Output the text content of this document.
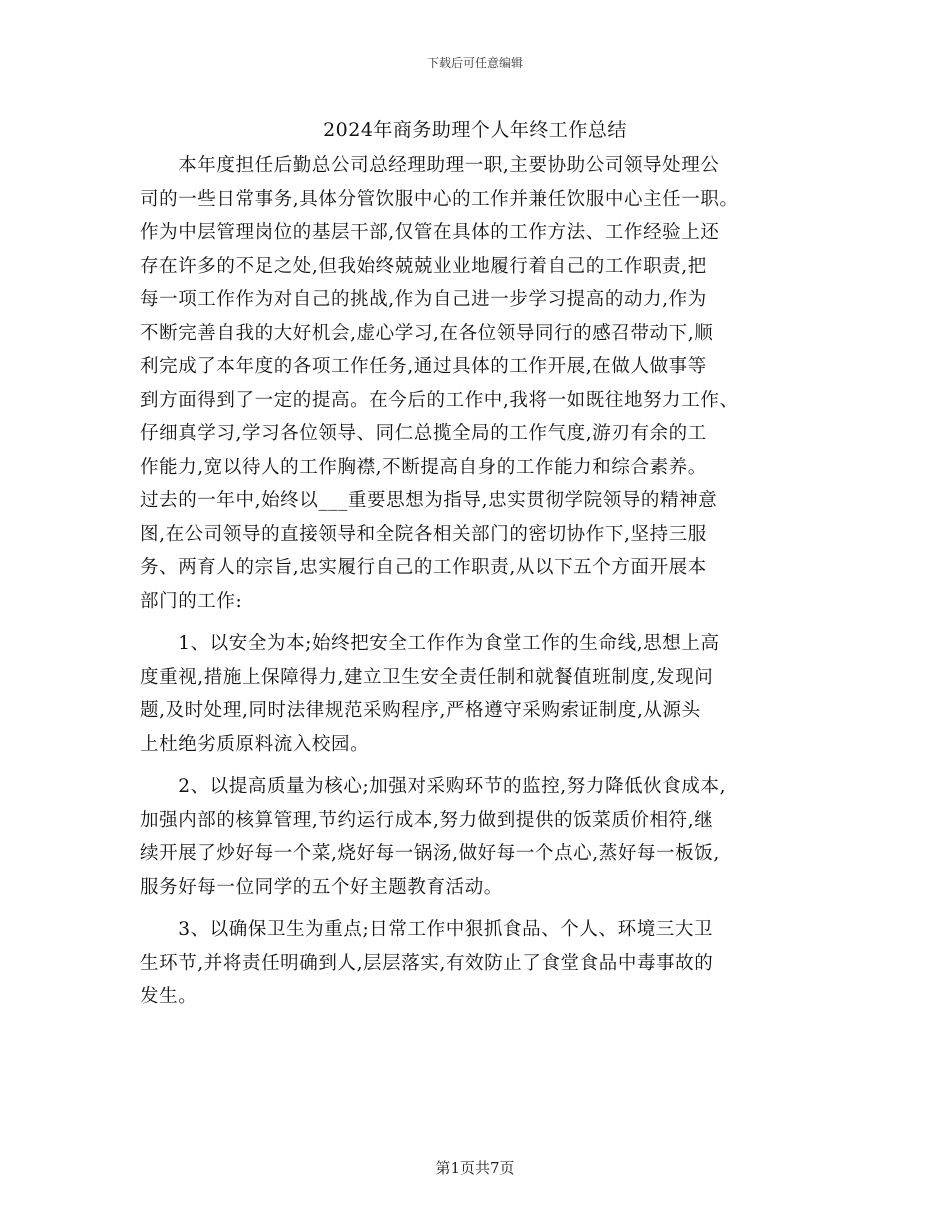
下载后可任意编辑
2024年商务助理个人年终工作总结
　　本年度担任后勤总公司总经理助理一职,主要协助公司领导处理公
司的一些日常事务,具体分管饮服中心的工作并兼任饮服中心主任一职。
作为中层管理岗位的基层干部,仅管在具体的工作方法、工作经验上还
存在许多的不足之处,但我始终兢兢业业地履行着自己的工作职责,把
每一项工作作为对自己的挑战,作为自己进一步学习提高的动力,作为
不断完善自我的大好机会,虚心学习,在各位领导同行的感召带动下,顺
利完成了本年度的各项工作任务,通过具体的工作开展,在做人做事等
到方面得到了一定的提高。在今后的工作中,我将一如既往地努力工作、
仔细真学习,学习各位领导、同仁总揽全局的工作气度,游刃有余的工
作能力,宽以待人的工作胸襟,不断提高自身的工作能力和综合素养。
过去的一年中,始终以___重要思想为指导,忠实贯彻学院领导的精神意
图,在公司领导的直接领导和全院各相关部门的密切协作下,坚持三服
务、两育人的宗旨,忠实履行自己的工作职责,从以下五个方面开展本
部门的工作:
　　1、以安全为本;始终把安全工作作为食堂工作的生命线,思想上高
度重视,措施上保障得力,建立卫生安全责任制和就餐值班制度,发现问
题,及时处理,同时法律规范采购程序,严格遵守采购索证制度,从源头
上杜绝劣质原料流入校园。
　　2、以提高质量为核心;加强对采购环节的监控,努力降低伙食成本,
加强内部的核算管理,节约运行成本,努力做到提供的饭菜质价相符,继
续开展了炒好每一个菜,烧好每一锅汤,做好每一个点心,蒸好每一板饭,
服务好每一位同学的五个好主题教育活动。
　　3、以确保卫生为重点;日常工作中狠抓食品、个人、环境三大卫
生环节,并将责任明确到人,层层落实,有效防止了食堂食品中毒事故的
发生。
第1页共7页
